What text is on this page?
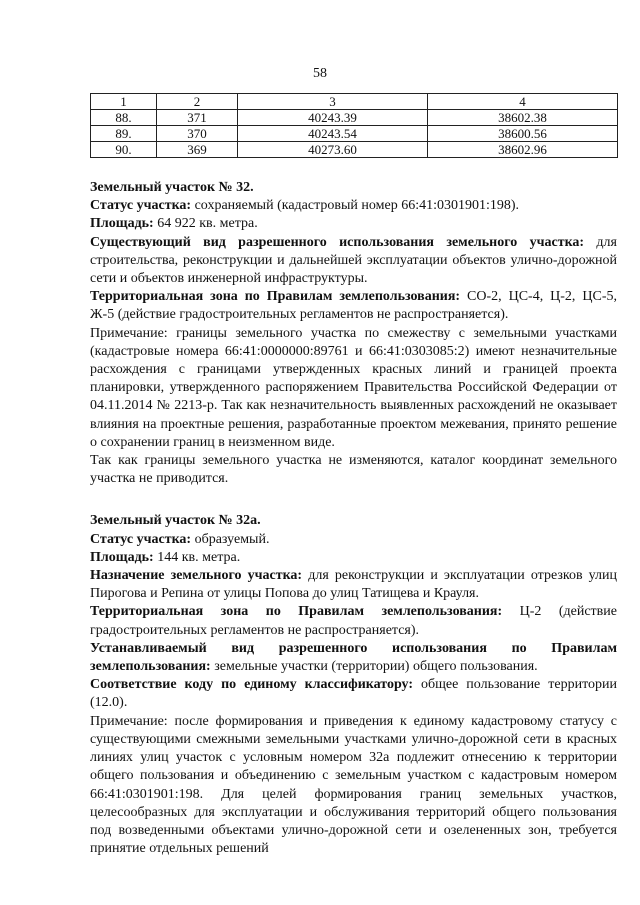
58
1	2	3	4
88.	371	40243.39	38602.38
89.	370	40243.54	38600.56
90.	369	40273.60	38602.96

Земельный участок № 32.

Статус участка: сохраняемый (кадастровый номер 66:41:0301901:198).

Площадь: 64 922 кв. метра.

Существующий вид разрешенного использования земельного участка: для строительства, реконструкции и дальнейшей эксплуатации объектов улично-дорожной сети и объектов инженерной инфраструктуры.

Территориальная зона по Правилам землепользования: СО-2, ЦС-4, Ц-2, ЦС-5, Ж-5 (действие градостроительных регламентов не распространяется).

Примечание: границы земельного участка по смежеству с земельными участками (кадастровые номера 66:41:0000000:89761 и 66:41:0303085:2) имеют незначительные расхождения с границами утвержденных красных линий и границей проекта планировки, утвержденного распоряжением Правительства Российской Федерации от 04.11.2014 № 2213-р. Так как незначительность выявленных расхождений не оказывает влияния на проектные решения, разработанные проектом межевания, принято решение о сохранении границ в неизменном виде.

Так как границы земельного участка не изменяются, каталог координат земельного участка не приводится.

Земельный участок № 32а.

Статус участка: образуемый.

Площадь: 144 кв. метра.

Назначение земельного участка: для реконструкции и эксплуатации отрезков улиц Пирогова и Репина от улицы Попова до улиц Татищева и Крауля.

Территориальная зона по Правилам землепользования: Ц-2 (действие градостроительных регламентов не распространяется).

Устанавливаемый вид разрешенного использования по Правилам землепользования: земельные участки (территории) общего пользования.

Соответствие коду по единому классификатору: общее пользование территории (12.0).

Примечание: после формирования и приведения к единому кадастровому статусу с существующими смежными земельными участками улично-дорожной сети в красных линиях улиц участок с условным номером 32а подлежит отнесению к территории общего пользования и объединению с земельным участком с кадастровым номером 66:41:0301901:198. Для целей формирования границ земельных участков, целесообразных для эксплуатации и обслуживания территорий общего пользования под возведенными объектами улично-дорожной сети и озелененных зон, требуется принятие отдельных решений
